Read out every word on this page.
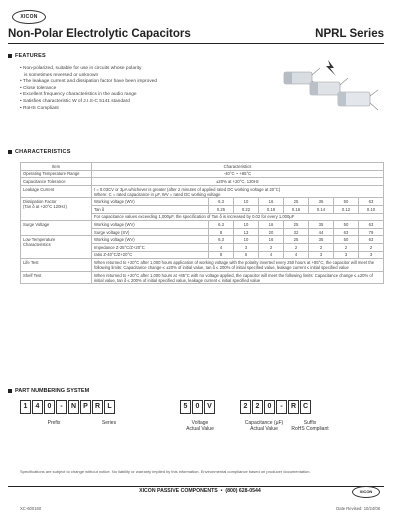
XICON
Non-Polar Electrolytic Capacitors	NPRL Series
FEATURES
• Non-polarized, suitable for use in circuits whose polarity
is sometimes reversed or unknown
• The leakage current and dissipation factor have been improved
• Close tolerance
• Excellent frequency characteristics in the audio range
• Satisfies characteristic W of J.I.S-C 5141 standard
• RoHS Compliant
CHARACTERISTICS
Item	Characteristics							
Operating Temperature Range	-40°C ~ +85°C							
Capacitance Tolerance	±20% at +20°C, 120Hz							
Leakage Current	I = 0.03CV or 3μA whichever is greater (after 2 minutes of applied rated DC working voltage at 20°C)
Where: C = rated capacitance in μF, WV = rated DC working voltage							

Dissipation Factor
(Tan δ at +20°C 120Hz)	Working voltage (WV)	6.3	10	16	25	35	50	63
	Tan δ	0.25	0.22	0.18	0.16	0.14	0.12	0.10
	For capacitance values exceeding 1,000μF, the specification of Tan δ is increased by 0.02 for every 1,000μF							
Surge Voltage	Working voltage (WV)	6.3	10	16	25	35	50	63
	Surge voltage (SV)	8	13	20	32	44	63	79

Low Temperature
Characteristics	Working voltage (WV)	6.3	10	16	25	35	50	63
	Impedance Z-25°C/Z+20°C	4	3	2	2	2	2	2
	ratio Z-40°C/Z+20°C	8	6	4	4	3	3	3
Life Test	When returned to +20°C after 1,000 hours application of working voltage with the polarity inverted every 250 hours at +85°C, the capacitor will meet the following limits: Capacitance change ≤ ±20% of initial value, tan δ ≤ 200% of initial specified value, leakage current ≤ initial specified value							
Shelf Test	When returned to +20°C after 1,000 hours at +85°C with no voltage applied, the capacitor will meet the following limits: Capacitance change ≤ ±20% of initial value, tan δ ≤ 200% of initial specified value, leakage current ≤ initial specified value							
PART NUMBERING SYSTEM
1	4	0	-	N	P	R	L	5	0	V	2	2	0	-	R C
Prefix	Series	Voltage
Actual Value
Capacitance (μF)
Actual Value
Suffix
RoHS Compliant
Specifications are subject to change without notice. No liability or warranty implied by this information. Environmental compliance based on producer documentation.
XICON PASSIVE COMPONENTS  •  (800) 628-0544	XICON
XC-600160	Date Revised: 10/24/08
